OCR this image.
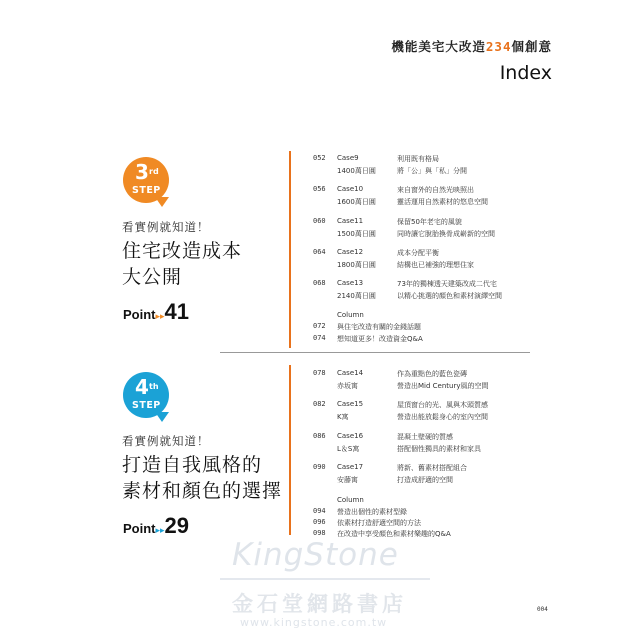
機能美宅大改造234個創意
Index
KingStone
金石堂網路書店
www.kingstone.com.tw
3 rd
STEP
看實例就知道！
住宅改造成本
大公開
Point▸▸41
052 Case9
1400萬日圓
利用既有格局
將「公」與「私」分開
056 Case10
1600萬日圓
來自窗外的自然光映照出
靈活運用自然素材的悠息空間
060 Case11
1500萬日圓
保留50年老宅的風貌
同時讓它脫胎換骨成嶄新的空間
064 Case12
1800萬日圓
成本分配平衡
結構也已補強的理想住家
068 Case13
2140萬日圓
73年的獨棟透天建築改成二代宅
以精心挑選的顏色和素材演繹空間
Column
072 與住宅改造有關的金錢話題
074 想知道更多！改造資金Q&A
4 th
STEP
看實例就知道！
打造自我風格的
素材和顏色的選擇
Point▸▸29
078 Case14
赤坂寓
作為重點色的藍色瓷磚
營造出Mid Century風的空間
082 Case15
K寓
屋頂窗台的光、風與木頭質感
營造出能放鬆身心的室內空間
086 Case16
L＆S寓
混凝土壁硬的質感
搭配個性獨具的素材和家具
090 Case17
安藤寓
將新、舊素材搭配組合
打造成舒適的空間
Column
094 營造出個性的素材型錄
096 依素材打造舒適空間的方法
098 在改造中享受顏色和素材樂趣的Q&A
004
